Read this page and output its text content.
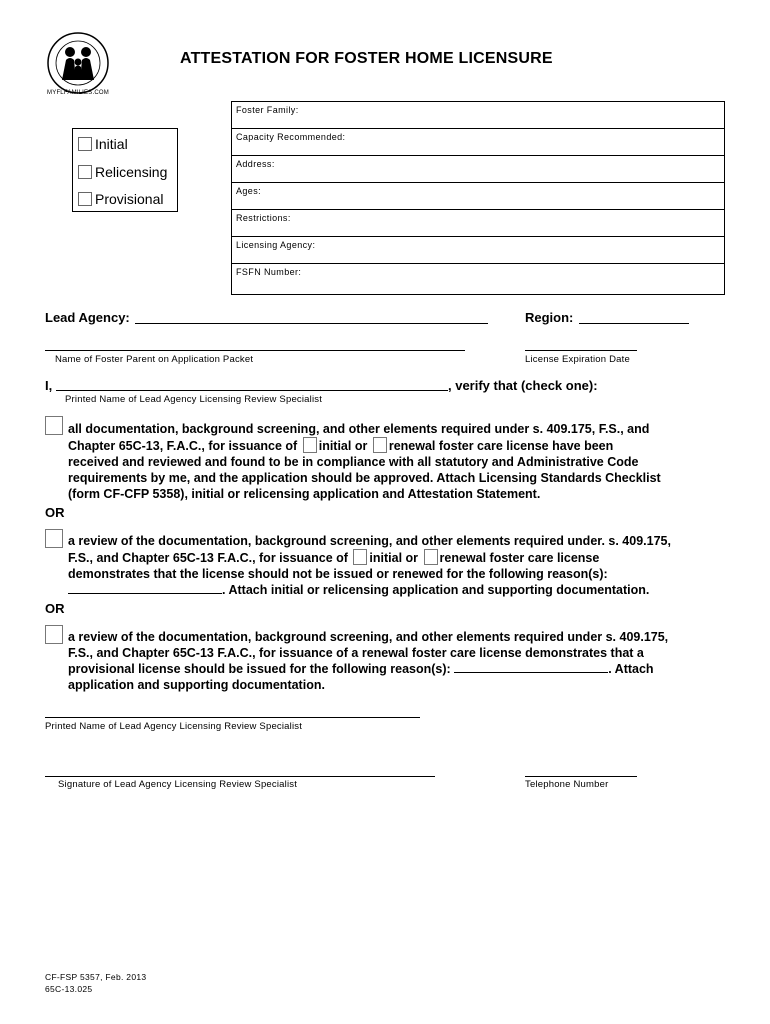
MYFLFAMILIES.COM
ATTESTATION FOR FOSTER HOME LICENSURE
Initial
Relicensing
Provisional
Foster Family:
Capacity Recommended:
Address:
Ages:
Restrictions:
Licensing Agency:
FSFN Number:
Lead Agency:	Region:
Name of Foster Parent on Application Packet	License Expiration Date
I,	, verify that (check one):
Printed Name of Lead Agency Licensing Review Specialist
all documentation, background screening, and other elements required under s. 409.175, F.S., and
Chapter 65C-13, F.A.C., for issuance of initial or renewal foster care license have been
received and reviewed and found to be in compliance with all statutory and Administrative Code
requirements by me, and the application should be approved. Attach Licensing Standards Checklist
(form CF-CFP 5358), initial or relicensing application and Attestation Statement.
OR
a review of the documentation, background screening, and other elements required under. s. 409.175,
F.S., and Chapter 65C-13 F.A.C., for issuance of initial or renewal foster care license
demonstrates that the license should not be issued or renewed for the following reason(s):
. Attach initial or relicensing application and supporting documentation.
OR
a review of the documentation, background screening, and other elements required under s. 409.175,
F.S., and Chapter 65C-13 F.A.C., for issuance of a renewal foster care license demonstrates that a
provisional license should be issued for the following reason(s):	. Attach
application and supporting documentation.
Printed Name of Lead Agency Licensing Review Specialist
Signature of Lead Agency Licensing Review Specialist	Telephone Number
CF-FSP 5357, Feb. 2013
65C-13.025
